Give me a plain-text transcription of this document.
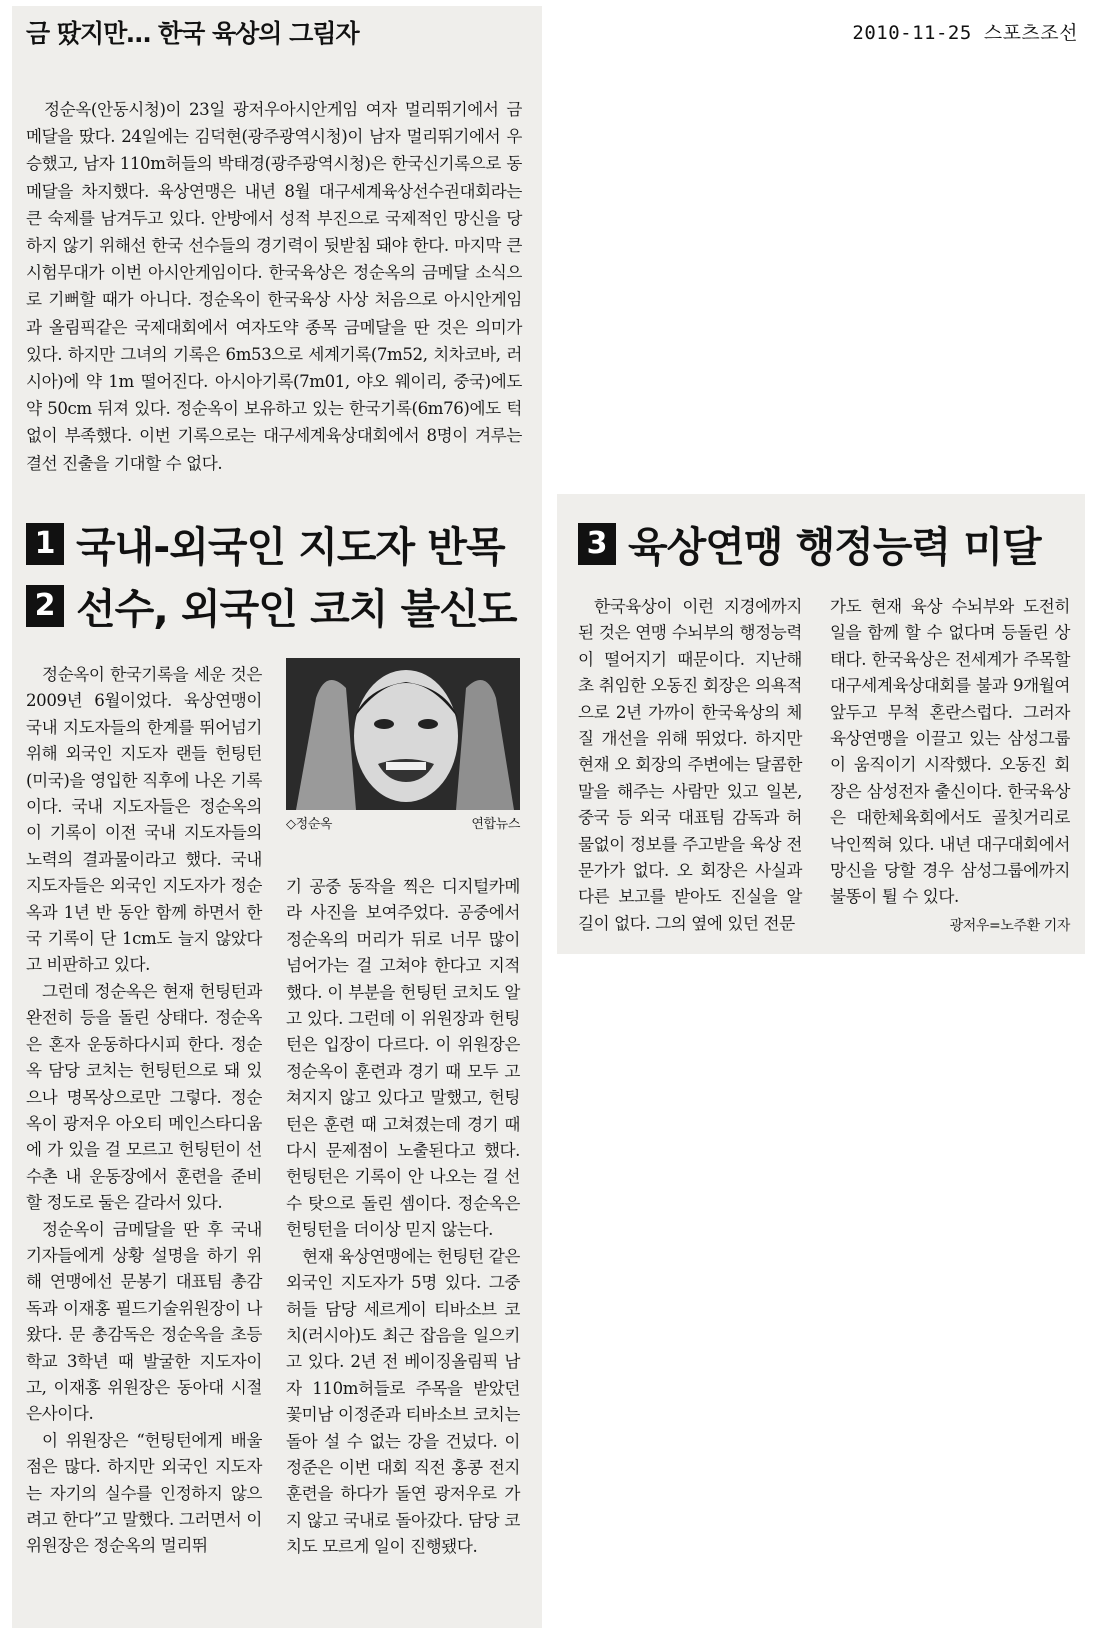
금 땄지만… 한국 육상의 그림자	2010-11-25 스포츠조선

정순옥(안동시청)이 23일 광저우아시안게임 여자 멀리뛰기에서 금메달을 땄다. 24일에는 김덕현(광주광역시청)이 남자 멀리뛰기에서 우승했고, 남자 110m허들의 박태경(광주광역시청)은 한국신기록으로 동메달을 차지했다. 육상연맹은 내년 8월 대구세계육상선수권대회라는 큰 숙제를 남겨두고 있다. 안방에서 성적 부진으로 국제적인 망신을 당하지 않기 위해선 한국 선수들의 경기력이 뒷받침 돼야 한다. 마지막 큰 시험무대가 이번 아시안게임이다. 한국육상은 정순옥의 금메달 소식으로 기뻐할 때가 아니다. 정순옥이 한국육상 사상 처음으로 아시안게임과 올림픽같은 국제대회에서 여자도약 종목 금메달을 딴 것은 의미가 있다. 하지만 그녀의 기록은 6m53으로 세계기록(7m52, 치차코바, 러시아)에 약 1m 떨어진다. 아시아기록(7m01, 야오 웨이리, 중국)에도 약 50cm 뒤져 있다. 정순옥이 보유하고 있는 한국기록(6m76)에도 턱없이 부족했다. 이번 기록으로는 대구세계육상대회에서 8명이 겨루는 결선 진출을 기대할 수 없다.

1 국내-외국인 지도자 반목
2 선수, 외국인 코치 불신도
3 육상연맹 행정능력 미달

정순옥이 한국기록을 세운 것은 2009년 6월이었다. 육상연맹이 국내 지도자들의 한계를 뛰어넘기 위해 외국인 지도자 랜들 헌팅턴(미국)을 영입한 직후에 나온 기록이다. 국내 지도자들은 정순옥의 이 기록이 이전 국내 지도자들의 노력의 결과물이라고 했다. 국내 지도자들은 외국인 지도자가 정순옥과 1년 반 동안 함께 하면서 한국 기록이 단 1cm도 늘지 않았다고 비판하고 있다.

그런데 정순옥은 현재 헌팅턴과 완전히 등을 돌린 상태다. 정순옥은 혼자 운동하다시피 한다. 정순옥 담당 코치는 헌팅턴으로 돼 있으나 명목상으로만 그렇다. 정순옥이 광저우 아오티 메인스타디움에 가 있을 걸 모르고 헌팅턴이 선수촌 내 운동장에서 훈련을 준비할 정도로 둘은 갈라서 있다.

정순옥이 금메달을 딴 후 국내 기자들에게 상황 설명을 하기 위해 연맹에선 문봉기 대표팀 총감독과 이재홍 필드기술위원장이 나왔다. 문 총감독은 정순옥을 초등학교 3학년 때 발굴한 지도자이고, 이재홍 위원장은 동아대 시절 은사이다.

이 위원장은 “헌팅턴에게 배울 점은 많다. 하지만 외국인 지도자는 자기의 실수를 인정하지 않으려고 한다”고 말했다. 그러면서 이 위원장은 정순옥의 멀리뛰

◇정순옥	연합뉴스

기 공중 동작을 찍은 디지털카메라 사진을 보여주었다. 공중에서 정순옥의 머리가 뒤로 너무 많이 넘어가는 걸 고쳐야 한다고 지적했다. 이 부분을 헌팅턴 코치도 알고 있다. 그런데 이 위원장과 헌팅턴은 입장이 다르다. 이 위원장은 정순옥이 훈련과 경기 때 모두 고쳐지지 않고 있다고 말했고, 헌팅턴은 훈련 때 고쳐졌는데 경기 때 다시 문제점이 노출된다고 했다. 헌팅턴은 기록이 안 나오는 걸 선수 탓으로 돌린 셈이다. 정순옥은 헌팅턴을 더이상 믿지 않는다.

현재 육상연맹에는 헌팅턴 같은 외국인 지도자가 5명 있다. 그중 허들 담당 세르게이 티바소브 코치(러시아)도 최근 잡음을 일으키고 있다. 2년 전 베이징올림픽 남자 110m허들로 주목을 받았던 꽃미남 이정준과 티바소브 코치는 돌아 설 수 없는 강을 건넜다. 이정준은 이번 대회 직전 홍콩 전지훈련을 하다가 돌연 광저우로 가지 않고 국내로 돌아갔다. 담당 코치도 모르게 일이 진행됐다.

한국육상이 이런 지경에까지 된 것은 연맹 수뇌부의 행정능력이 떨어지기 때문이다. 지난해 초 취임한 오동진 회장은 의욕적으로 2년 가까이 한국육상의 체질 개선을 위해 뛰었다. 하지만 현재 오 회장의 주변에는 달콤한 말을 해주는 사람만 있고 일본, 중국 등 외국 대표팀 감독과 허물없이 정보를 주고받을 육상 전문가가 없다. 오 회장은 사실과 다른 보고를 받아도 진실을 알 길이 없다. 그의 옆에 있던 전문

가도 현재 육상 수뇌부와 도전히 일을 함께 할 수 없다며 등돌린 상태다. 한국육상은 전세계가 주목할 대구세계육상대회를 불과 9개월여 앞두고 무척 혼란스럽다. 그러자 육상연맹을 이끌고 있는 삼성그룹이 움직이기 시작했다. 오동진 회장은 삼성전자 출신이다. 한국육상은 대한체육회에서도 골칫거리로 낙인찍혀 있다. 내년 대구대회에서 망신을 당할 경우 삼성그룹에까지 불똥이 튈 수 있다.
광저우=노주환 기자
